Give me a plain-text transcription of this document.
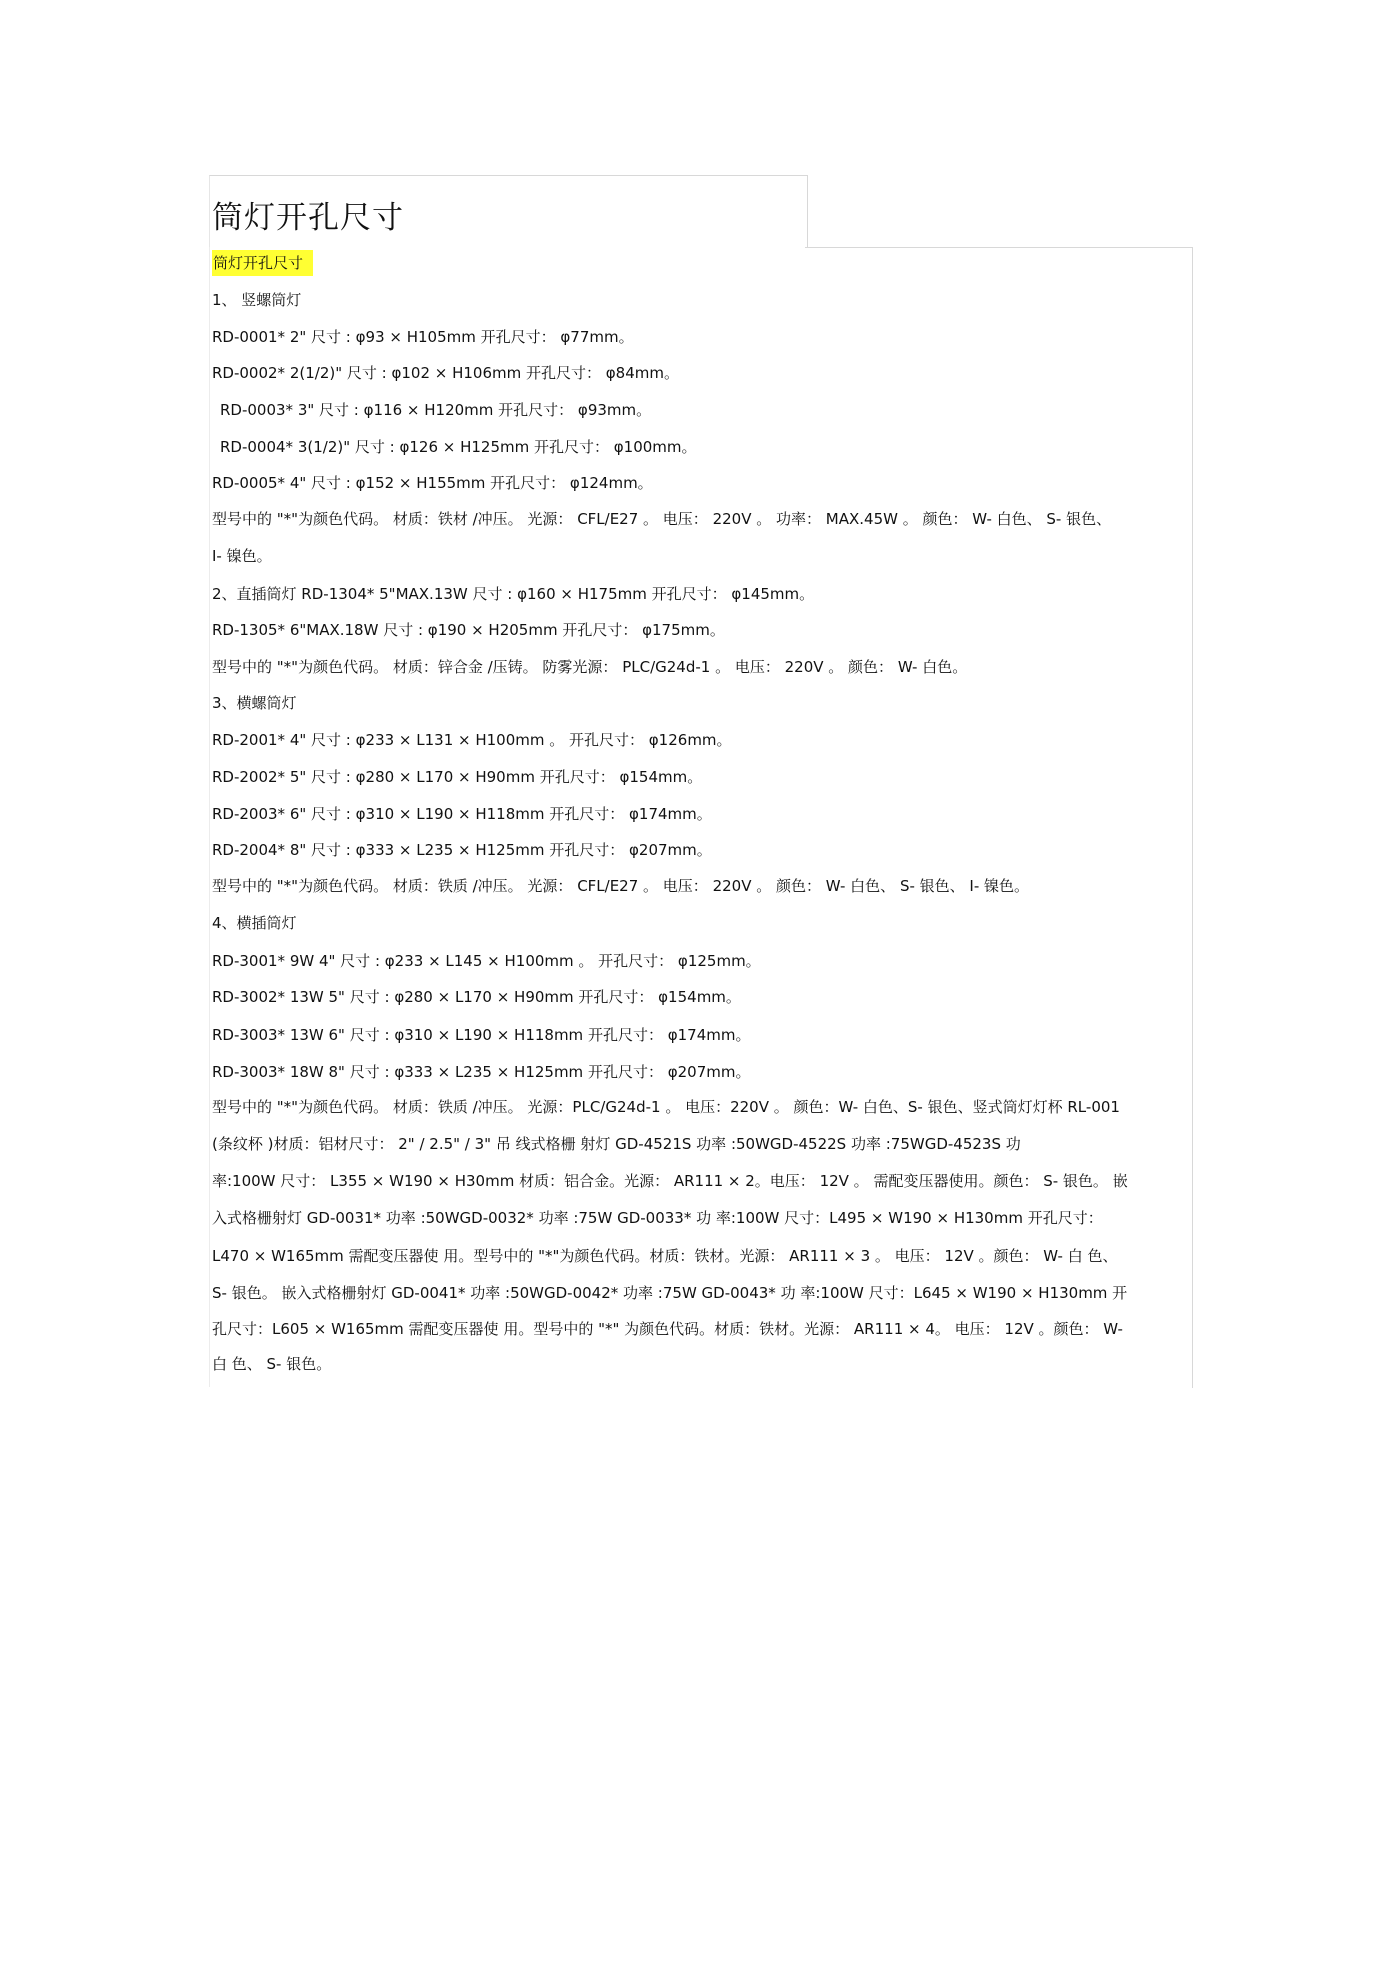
筒灯开孔尺寸

筒灯开孔尺寸

1、 竖螺筒灯

RD-0001* 2" 尺寸 : φ93 × H105mm 开孔尺寸： φ77mm。

RD-0002* 2(1/2)" 尺寸 : φ102 × H106mm 开孔尺寸： φ84mm。

RD-0003* 3" 尺寸 : φ116 × H120mm 开孔尺寸： φ93mm。

RD-0004* 3(1/2)" 尺寸 : φ126 × H125mm 开孔尺寸： φ100mm。

RD-0005* 4" 尺寸 : φ152 × H155mm 开孔尺寸： φ124mm。

型号中的 "*"为颜色代码。 材质：铁材 /冲压。 光源： CFL/E27 。 电压： 220V 。 功率： MAX.45W 。 颜色： W- 白色、 S- 银色、

I- 镍色。

2、直插筒灯 RD-1304* 5"MAX.13W 尺寸 : φ160 × H175mm 开孔尺寸： φ145mm。

RD-1305* 6"MAX.18W 尺寸 : φ190 × H205mm 开孔尺寸： φ175mm。

型号中的 "*"为颜色代码。 材质：锌合金 /压铸。 防雾光源： PLC/G24d-1 。 电压： 220V 。 颜色： W- 白色。

3、横螺筒灯

RD-2001* 4" 尺寸 : φ233 × L131 × H100mm 。 开孔尺寸： φ126mm。

RD-2002* 5" 尺寸 : φ280 × L170 × H90mm 开孔尺寸： φ154mm。

RD-2003* 6" 尺寸 : φ310 × L190 × H118mm 开孔尺寸： φ174mm。

RD-2004* 8" 尺寸 : φ333 × L235 × H125mm 开孔尺寸： φ207mm。

型号中的 "*"为颜色代码。 材质：铁质 /冲压。 光源： CFL/E27 。 电压： 220V 。 颜色： W- 白色、 S- 银色、 I- 镍色。

4、横插筒灯

RD-3001* 9W 4" 尺寸 : φ233 × L145 × H100mm 。 开孔尺寸： φ125mm。

RD-3002* 13W 5" 尺寸 : φ280 × L170 × H90mm 开孔尺寸： φ154mm。

RD-3003* 13W 6" 尺寸 : φ310 × L190 × H118mm 开孔尺寸： φ174mm。

RD-3003* 18W 8" 尺寸 : φ333 × L235 × H125mm 开孔尺寸： φ207mm。

型号中的 "*"为颜色代码。 材质：铁质 /冲压。 光源：PLC/G24d-1 。 电压：220V 。 颜色：W- 白色、S- 银色、竖式筒灯灯杯 RL-001

(条纹杯 )材质：铝材尺寸： 2" / 2.5" / 3" 吊 线式格栅 射灯 GD-4521S 功率 :50WGD-4522S 功率 :75WGD-4523S 功

率:100W 尺寸： L355 × W190 × H30mm 材质：铝合金。光源： AR111 × 2。电压： 12V 。 需配变压器使用。颜色： S- 银色。 嵌

入式格栅射灯 GD-0031* 功率 :50WGD-0032* 功率 :75W GD-0033* 功 率:100W 尺寸：L495 × W190 × H130mm 开孔尺寸：

L470 × W165mm 需配变压器使 用。型号中的 "*"为颜色代码。材质：铁材。光源： AR111 × 3 。 电压： 12V 。颜色： W- 白 色、

S- 银色。 嵌入式格栅射灯 GD-0041* 功率 :50WGD-0042* 功率 :75W GD-0043* 功 率:100W 尺寸：L645 × W190 × H130mm 开

孔尺寸：L605 × W165mm 需配变压器使 用。型号中的 "*" 为颜色代码。材质：铁材。光源： AR111 × 4。 电压： 12V 。颜色： W-

白 色、 S- 银色。
